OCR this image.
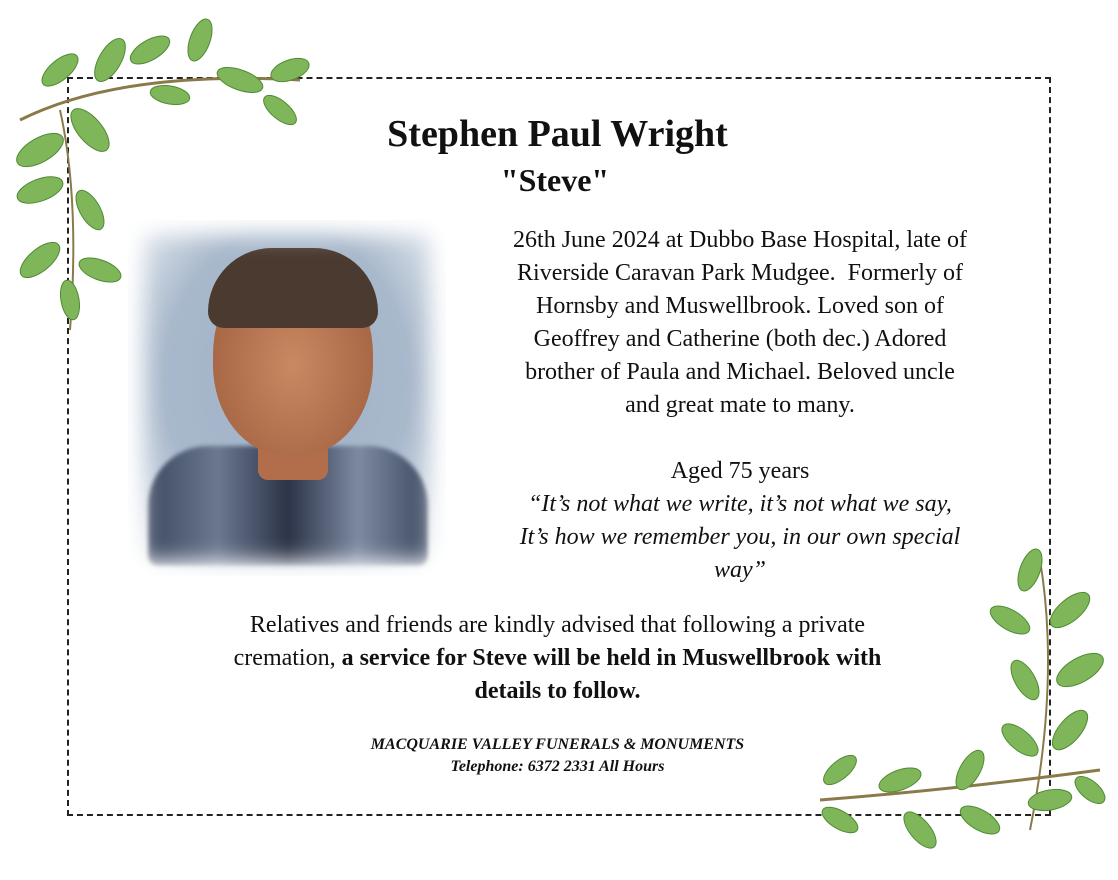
Stephen Paul Wright
"Steve"
26th June 2024 at Dubbo Base Hospital, late of
Riverside Caravan Park Mudgee.  Formerly of
Hornsby and Muswellbrook. Loved son of
Geoffrey and Catherine (both dec.) Adored
brother of Paula and Michael. Beloved uncle
and great mate to many.
Aged 75 years
“It’s not what we write, it’s not what we say,
It’s how we remember you, in our own special
way”
Relatives and friends are kindly advised that following a private cremation, a service for Steve will be held in Muswellbrook with details to follow.
MACQUARIE VALLEY FUNERALS & MONUMENTS
Telephone: 6372 2331 All Hours
